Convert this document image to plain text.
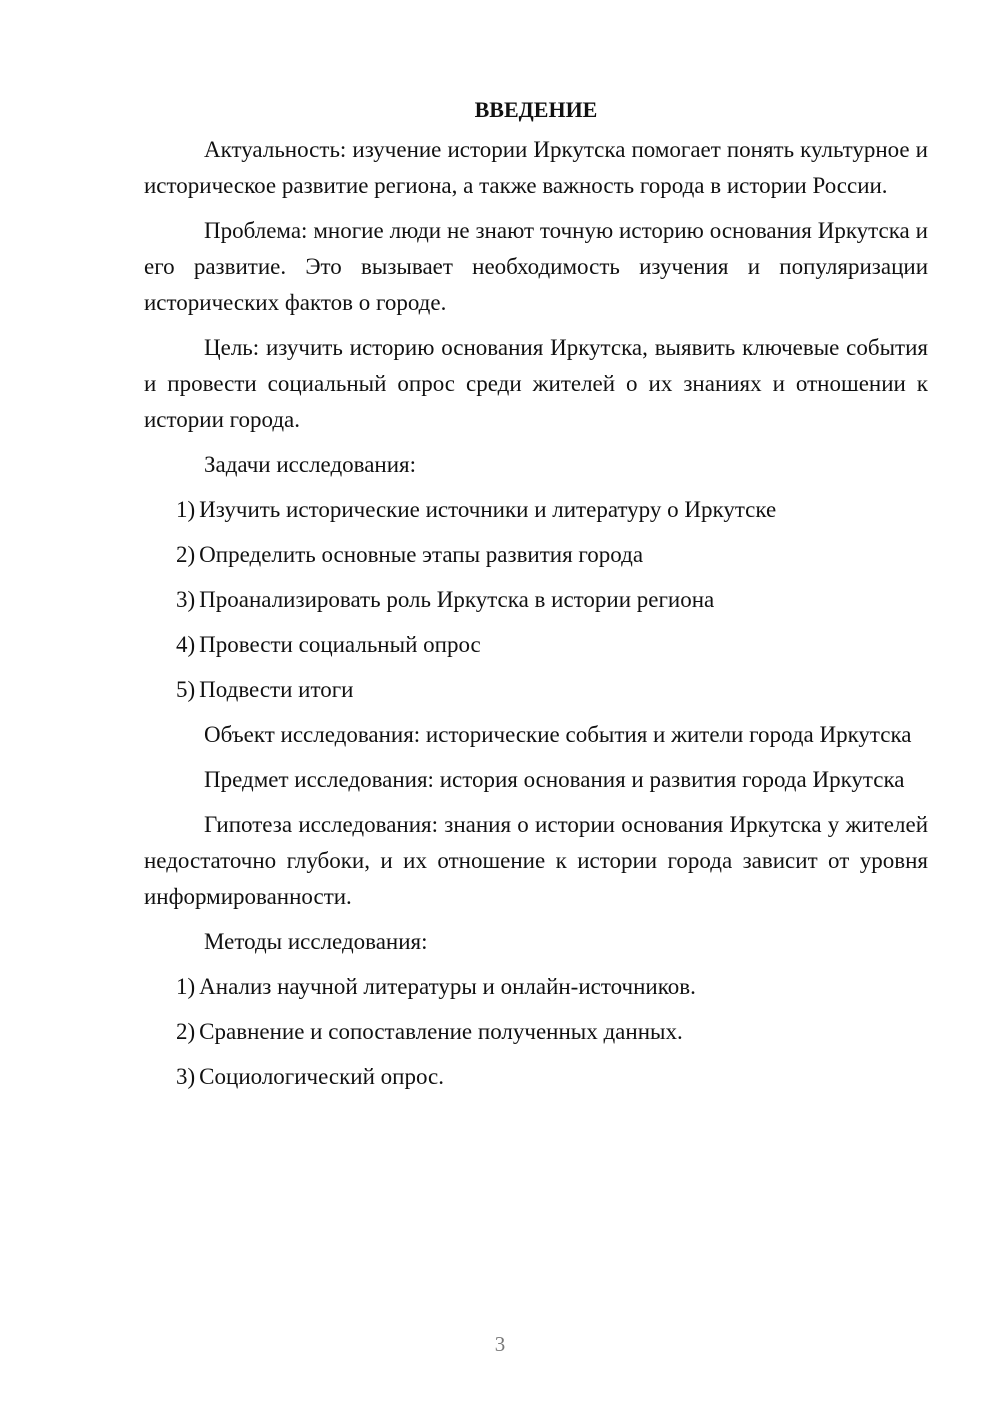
ВВЕДЕНИЕ

Актуальность: изучение истории Иркутска помогает понять культурное и историческое развитие региона, а также важность города в истории России.

Проблема: многие люди не знают точную историю основания Иркутска и его развитие. Это вызывает необходимость изучения и популяризации исторических фактов о городе.

Цель: изучить историю основания Иркутска, выявить ключевые события и провести социальный опрос среди жителей о их знаниях и отношении к истории города.

Задачи исследования:

1) Изучить исторические источники и литературу о Иркутске
2) Определить основные этапы развития города
3) Проанализировать роль Иркутска в истории региона
4) Провести социальный опрос
5) Подвести итоги

Объект исследования: исторические события и жители города Иркутска

Предмет исследования: история основания и развития города Иркутска

Гипотеза исследования: знания о истории основания Иркутска у жителей недостаточно глубоки, и их отношение к истории города зависит от уровня информированности.

Методы исследования:

1) Анализ научной литературы и онлайн-источников.
2) Сравнение и сопоставление полученных данных.
3) Социологический опрос.
3
